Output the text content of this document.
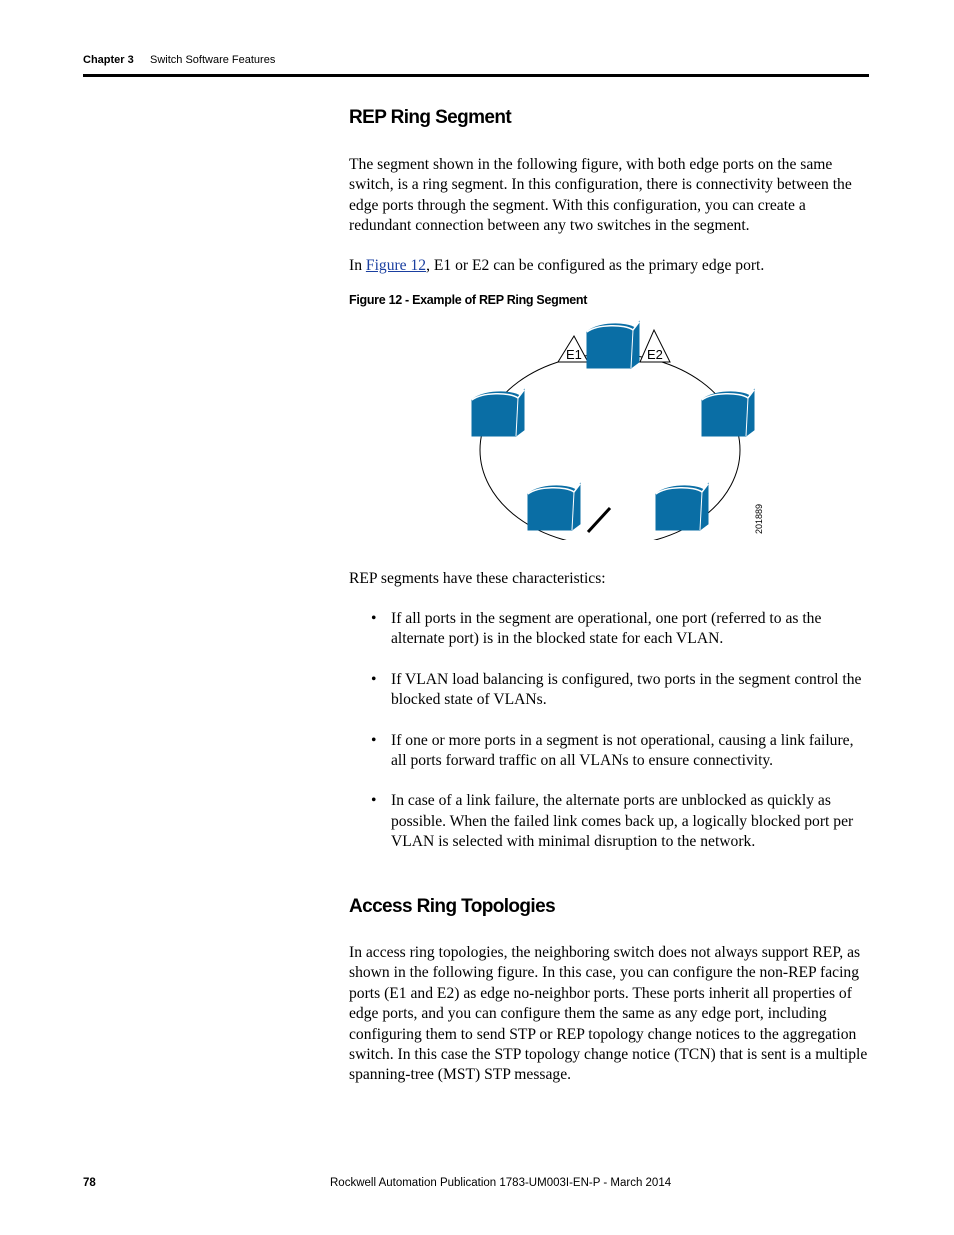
Chapter 3 Switch Software Features
REP Ring Segment
The segment shown in the following figure, with both edge ports on the same switch, is a ring segment. In this configuration, there is connectivity between the edge ports through the segment. With this configuration, you can create a redundant connection between any two switches in the segment.
In Figure 12, E1 or E2 can be configured as the primary edge port.
Figure 12 - Example of REP Ring Segment
E1	E2
201889
REP segments have these characteristics:
• If all ports in the segment are operational, one port (referred to as the alternate port) is in the blocked state for each VLAN.
• If VLAN load balancing is configured, two ports in the segment control the blocked state of VLANs.
• If one or more ports in a segment is not operational, causing a link failure, all ports forward traffic on all VLANs to ensure connectivity.
• In case of a link failure, the alternate ports are unblocked as quickly as possible. When the failed link comes back up, a logically blocked port per VLAN is selected with minimal disruption to the network.
Access Ring Topologies
In access ring topologies, the neighboring switch does not always support REP, as shown in the following figure. In this case, you can configure the non-REP facing ports (E1 and E2) as edge no-neighbor ports. These ports inherit all properties of edge ports, and you can configure them the same as any edge port, including configuring them to send STP or REP topology change notices to the aggregation switch. In this case the STP topology change notice (TCN) that is sent is a multiple spanning-tree (MST) STP message.
78	Rockwell Automation Publication 1783-UM003I-EN-P - March 2014
